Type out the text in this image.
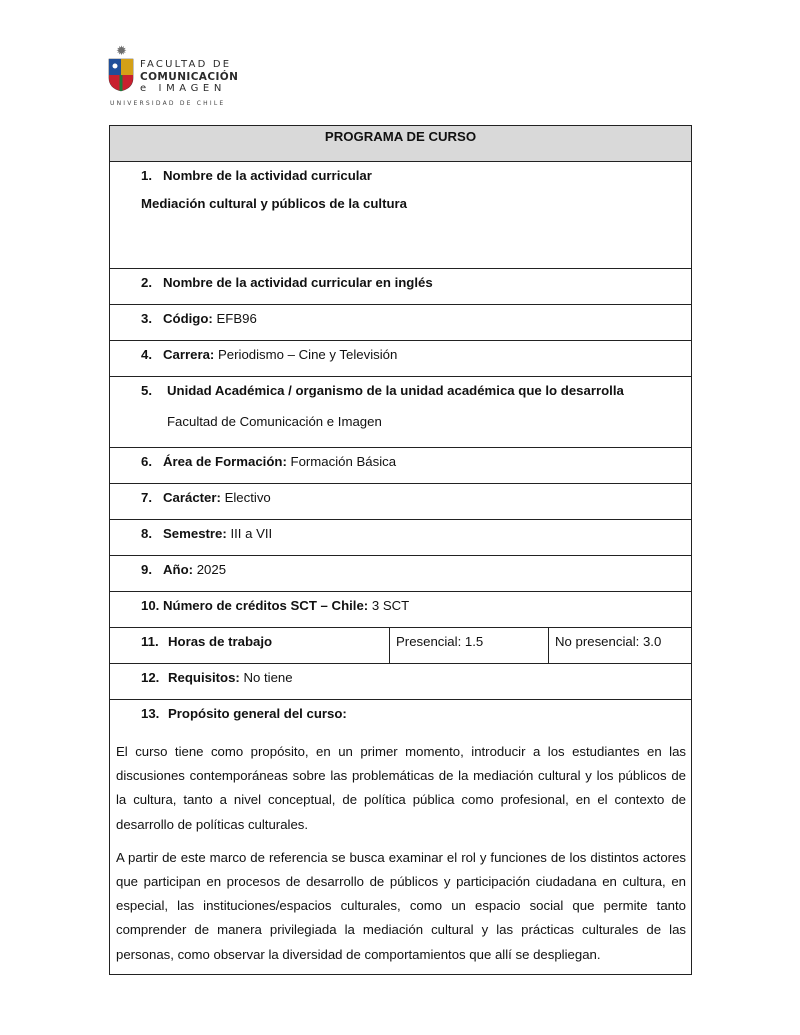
✹
FACULTAD DE
COMUNICACIÓN
e IMAGEN
UNIVERSIDAD DE CHILE
PROGRAMA DE CURSO
1. Nombre de la actividad curricular
Mediación cultural y públicos de la cultura
2. Nombre de la actividad curricular en inglés
3. Código: EFB96
4. Carrera: Periodismo – Cine y Televisión
5. Unidad Académica / organismo de la unidad académica que lo desarrolla
Facultad de Comunicación e Imagen
6. Área de Formación: Formación Básica
7. Carácter: Electivo
8. Semestre: III a VII
9. Año: 2025
10. Número de créditos SCT – Chile: 3 SCT
11. Horas de trabajo	Presencial: 1.5	No presencial: 3.0
12. Requisitos: No tiene
13. Propósito general del curso:

El curso tiene como propósito, en un primer momento, introducir a los estudiantes en las discusiones contemporáneas sobre las problemáticas de la mediación cultural y los públicos de la cultura, tanto a nivel conceptual, de política pública como profesional, en el contexto de desarrollo de políticas culturales.

A partir de este marco de referencia se busca examinar el rol y funciones de los distintos actores que participan en procesos de desarrollo de públicos y participación ciudadana en cultura, en especial, las instituciones/espacios culturales, como un espacio social que permite tanto comprender de manera privilegiada la mediación cultural y las prácticas culturales de las personas, como observar la diversidad de comportamientos que allí se despliegan.
